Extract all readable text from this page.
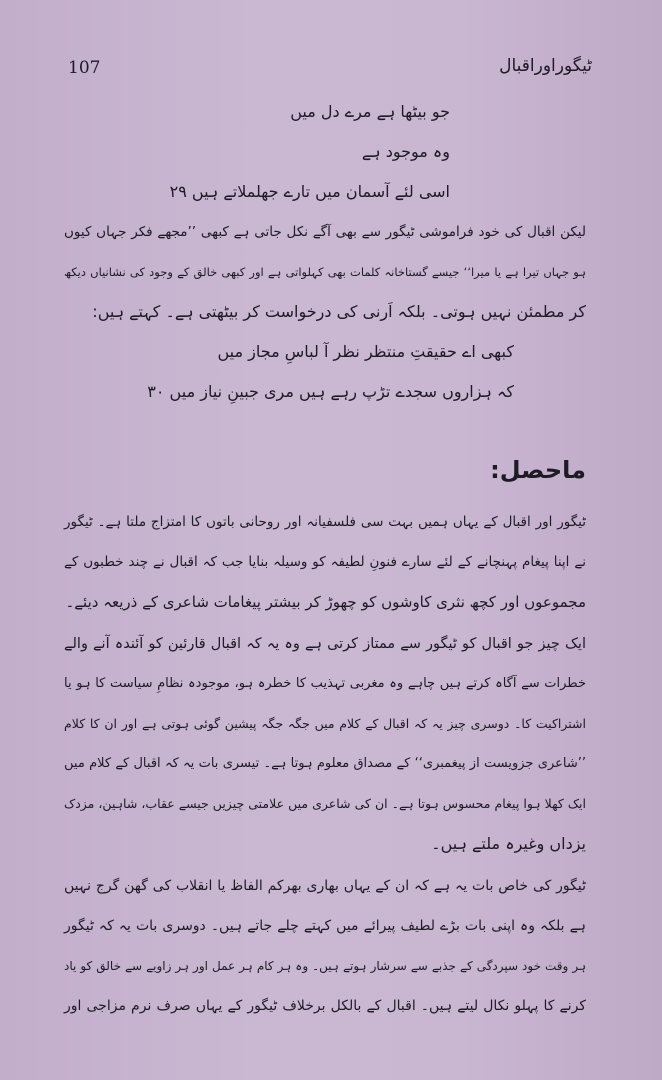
107	ٹیگوراوراقبال
جو بیٹھا ہے مرے دل میں
وہ موجود ہے
اسی لئے آسمان میں تارے جھلملاتے ہیں ۲۹
لیکن اقبال کی خود فراموشی ٹیگور سے بھی آگے نکل جاتی ہے کبھی ’’مجھے فکر جہاں کیوں
ہو جہاں تیرا ہے یا میرا‘‘ جیسے گستاخانہ کلمات بھی کہلواتی ہے اور کبھی خالق کے وجود کی نشانیاں دیکھ
کر مطمئن نہیں ہوتی۔ بلکہ اَرنی کی درخواست کر بیٹھتی ہے۔ کہتے ہیں:
کبھی اے حقیقتِ منتظر نظر آ لباسِ مجاز میں
کہ ہزاروں سجدے تڑپ رہے ہیں مری جبینِ نیاز میں ۳۰
ماحصل:
ٹیگور اور اقبال کے یہاں ہمیں بہت سی فلسفیانہ اور روحانی باتوں کا امتزاج ملتا ہے۔ ٹیگور
نے اپنا پیغام پہنچانے کے لئے سارے فنونِ لطیفہ کو وسیلہ بنایا جب کہ اقبال نے چند خطبوں کے
مجموعوں اور کچھ نثری کاوشوں کو چھوڑ کر بیشتر پیغامات شاعری کے ذریعہ دیئے۔
ایک چیز جو اقبال کو ٹیگور سے ممتاز کرتی ہے وہ یہ کہ اقبال قارئین کو آئندہ آنے والے
خطرات سے آگاہ کرتے ہیں چاہے وہ مغربی تہذیب کا خطرہ ہو، موجودہ نظامِ سیاست کا ہو یا
اشتراکیت کا۔ دوسری چیز یہ کہ اقبال کے کلام میں جگہ جگہ پیشین گوئی ہوتی ہے اور ان کا کلام
’’شاعری جزویست از پیغمبری‘‘ کے مصداق معلوم ہوتا ہے۔ تیسری بات یہ کہ اقبال کے کلام میں
ایک کھلا ہوا پیغام محسوس ہوتا ہے۔ ان کی شاعری میں علامتی چیزیں جیسے عقاب، شاہین، مزدک
یزداں وغیرہ ملتے ہیں۔
ٹیگور کی خاص بات یہ ہے کہ ان کے یہاں بھاری بھرکم الفاظ یا انقلاب کی گھن گرج نہیں
ہے بلکہ وہ اپنی بات بڑے لطیف پیرائے میں کہتے چلے جاتے ہیں۔ دوسری بات یہ کہ ٹیگور
ہر وقت خود سپردگی کے جذبے سے سرشار ہوتے ہیں۔ وہ ہر کام ہر عمل اور ہر زاویے سے خالق کو یاد
کرنے کا پہلو نکال لیتے ہیں۔ اقبال کے بالکل برخلاف ٹیگور کے یہاں صرف نرم مزاجی اور
